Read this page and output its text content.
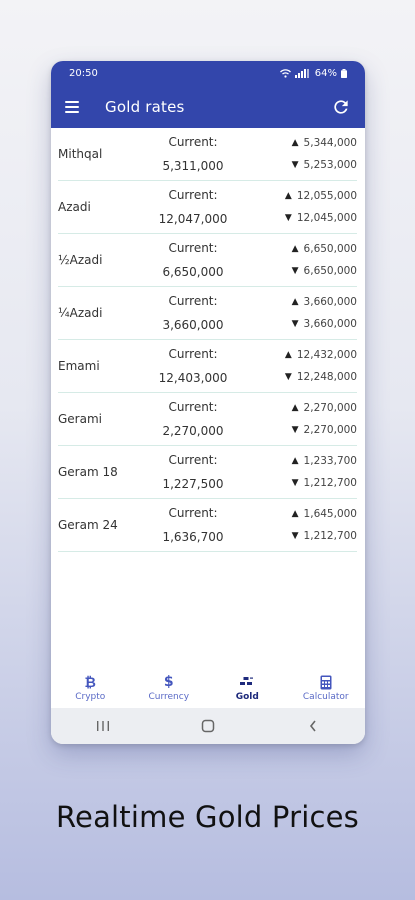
20:50	64%
Gold rates
Mithqal
Current:
5,311,000
▲ 5,344,000
▼ 5,253,000
Azadi
Current:
12,047,000
▲ 12,055,000
▼ 12,045,000
½Azadi
Current:
6,650,000
▲ 6,650,000
▼ 6,650,000
¼Azadi
Current:
3,660,000
▲ 3,660,000
▼ 3,660,000
Emami
Current:
12,403,000
▲ 12,432,000
▼ 12,248,000
Gerami
Current:
2,270,000
▲ 2,270,000
▼ 2,270,000
Geram 18
Current:
1,227,500
▲ 1,233,700
▼ 1,212,700
Geram 24
Current:
1,636,700
▲ 1,645,000
▼ 1,212,700
₿
Crypto
$
Currency	Gold	Calculator
Realtime Gold Prices
